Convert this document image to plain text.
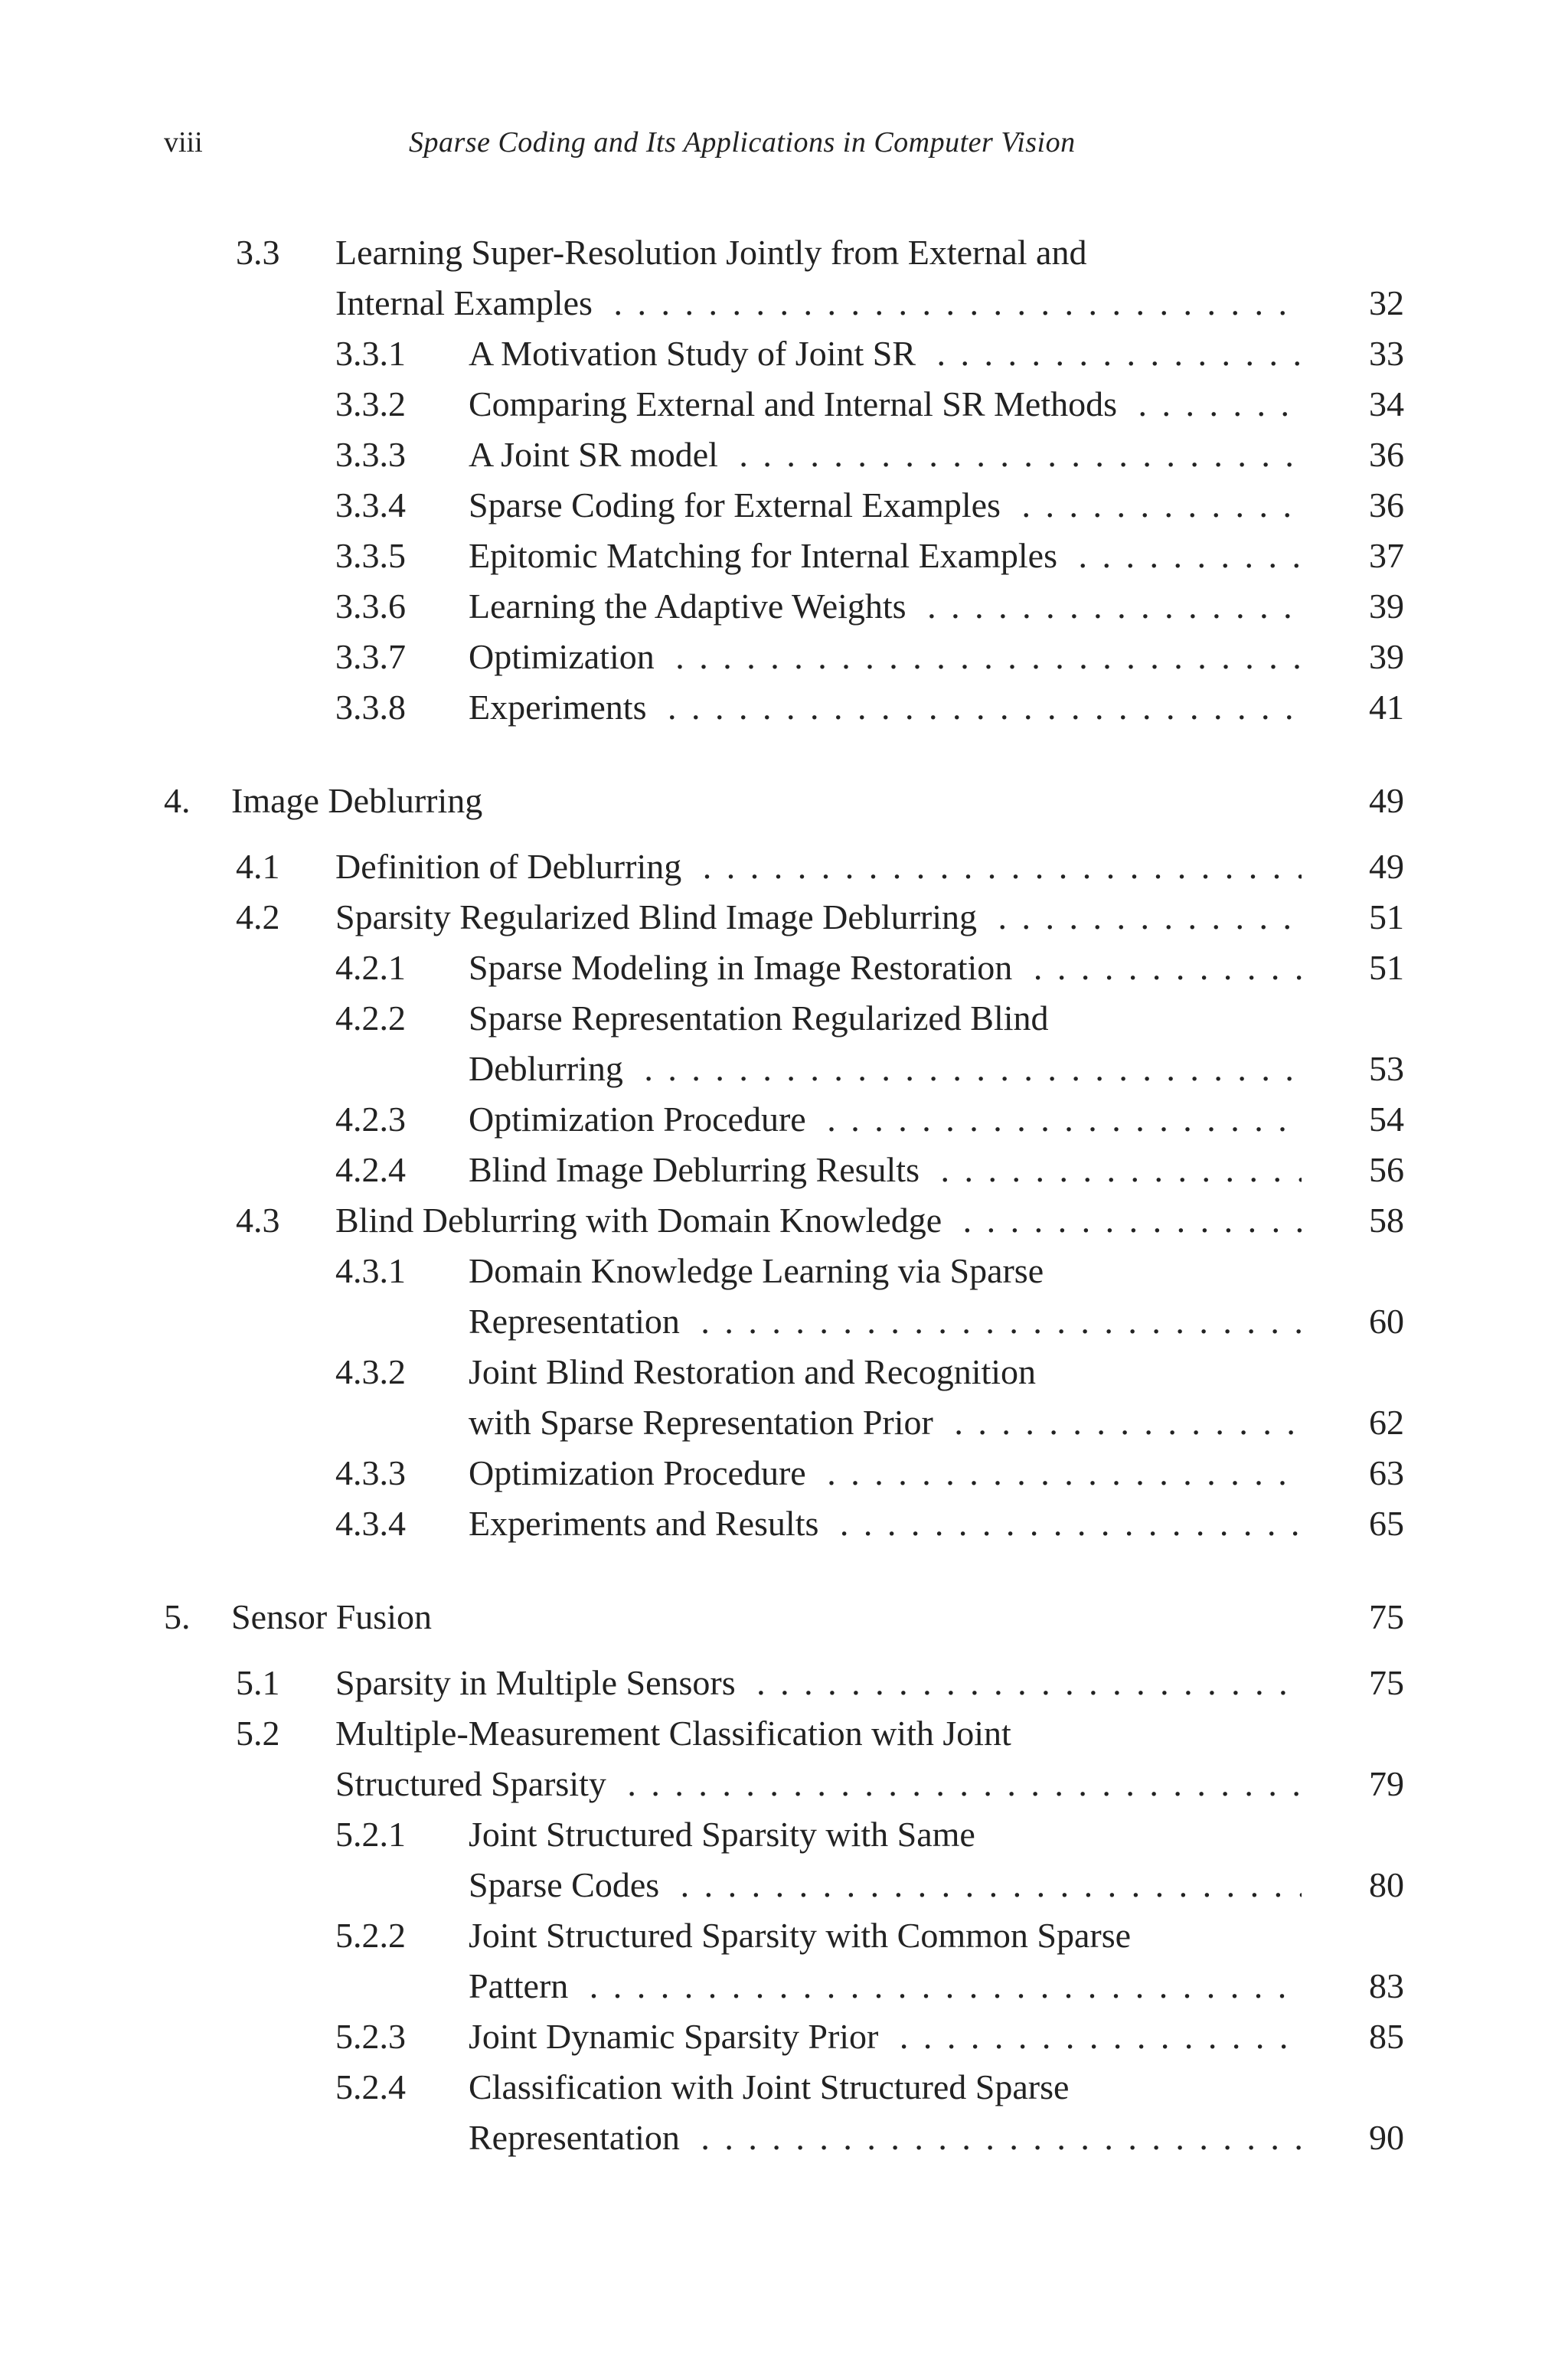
viii	Sparse Coding and Its Applications in Computer Vision
3.3 Learning Super-Resolution Jointly from External and
Internal Examples . . .	32
3.3.1 A Motivation Study of Joint SR . . .	33
3.3.2 Comparing External and Internal SR Methods . . .	34
3.3.3 A Joint SR model . . .	36
3.3.4 Sparse Coding for External Examples . . .	36
3.3.5 Epitomic Matching for Internal Examples . . .	37
3.3.6 Learning the Adaptive Weights . . .	39
3.3.7 Optimization . . .	39
3.3.8 Experiments . . .	41
4. Image Deblurring	49
4.1 Definition of Deblurring . . .	49
4.2 Sparsity Regularized Blind Image Deblurring . . .	51
4.2.1 Sparse Modeling in Image Restoration . . .	51
4.2.2 Sparse Representation Regularized Blind
Deblurring . . .	53
4.2.3 Optimization Procedure . . .	54
4.2.4 Blind Image Deblurring Results . . .	56
4.3 Blind Deblurring with Domain Knowledge . . .	58
4.3.1 Domain Knowledge Learning via Sparse
Representation . . .	60
4.3.2 Joint Blind Restoration and Recognition
with Sparse Representation Prior . . .	62
4.3.3 Optimization Procedure . . .	63
4.3.4 Experiments and Results . . .	65
5. Sensor Fusion	75
5.1 Sparsity in Multiple Sensors . . .	75
5.2 Multiple-Measurement Classification with Joint
Structured Sparsity . . .	79
5.2.1 Joint Structured Sparsity with Same
Sparse Codes . . .	80
5.2.2 Joint Structured Sparsity with Common Sparse
Pattern . . .	83
5.2.3 Joint Dynamic Sparsity Prior . . .	85
5.2.4 Classification with Joint Structured Sparse
Representation . . .	90
